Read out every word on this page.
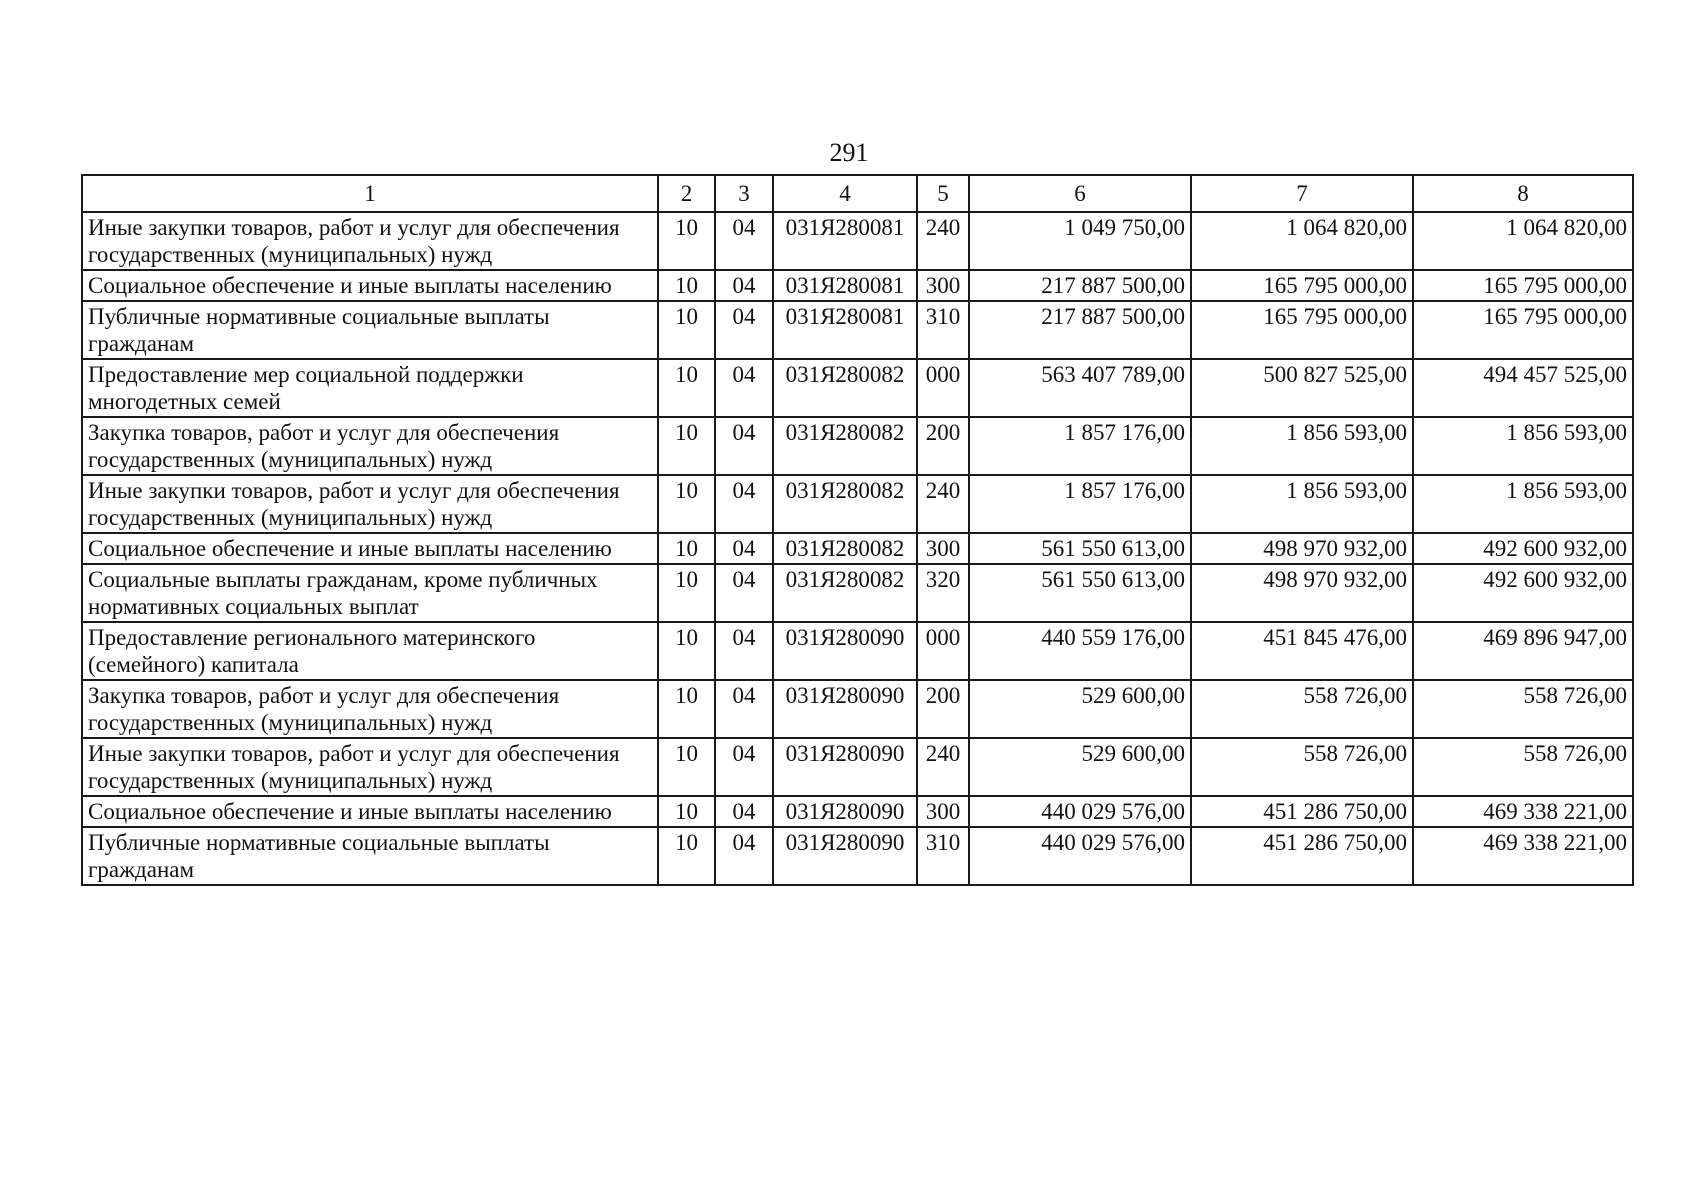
291
1	2	3	4	5	6	7	8
Иные закупки товаров, работ и услуг для обеспечения государственных (муниципальных) нужд	10	04	031Я280081	240	1 049 750,00	1 064 820,00	1 064 820,00
Социальное обеспечение и иные выплаты населению	10	04	031Я280081	300	217 887 500,00	165 795 000,00	165 795 000,00
Публичные нормативные социальные выплаты гражданам	10	04	031Я280081	310	217 887 500,00	165 795 000,00	165 795 000,00
Предоставление мер социальной поддержки многодетных семей	10	04	031Я280082	000	563 407 789,00	500 827 525,00	494 457 525,00
Закупка товаров, работ и услуг для обеспечения государственных (муниципальных) нужд	10	04	031Я280082	200	1 857 176,00	1 856 593,00	1 856 593,00
Иные закупки товаров, работ и услуг для обеспечения государственных (муниципальных) нужд	10	04	031Я280082	240	1 857 176,00	1 856 593,00	1 856 593,00
Социальное обеспечение и иные выплаты населению	10	04	031Я280082	300	561 550 613,00	498 970 932,00	492 600 932,00
Социальные выплаты гражданам, кроме публичных нормативных социальных выплат	10	04	031Я280082	320	561 550 613,00	498 970 932,00	492 600 932,00
Предоставление регионального материнского (семейного) капитала	10	04	031Я280090	000	440 559 176,00	451 845 476,00	469 896 947,00
Закупка товаров, работ и услуг для обеспечения государственных (муниципальных) нужд	10	04	031Я280090	200	529 600,00	558 726,00	558 726,00
Иные закупки товаров, работ и услуг для обеспечения государственных (муниципальных) нужд	10	04	031Я280090	240	529 600,00	558 726,00	558 726,00
Социальное обеспечение и иные выплаты населению	10	04	031Я280090	300	440 029 576,00	451 286 750,00	469 338 221,00
Публичные нормативные социальные выплаты гражданам	10	04	031Я280090	310	440 029 576,00	451 286 750,00	469 338 221,00
